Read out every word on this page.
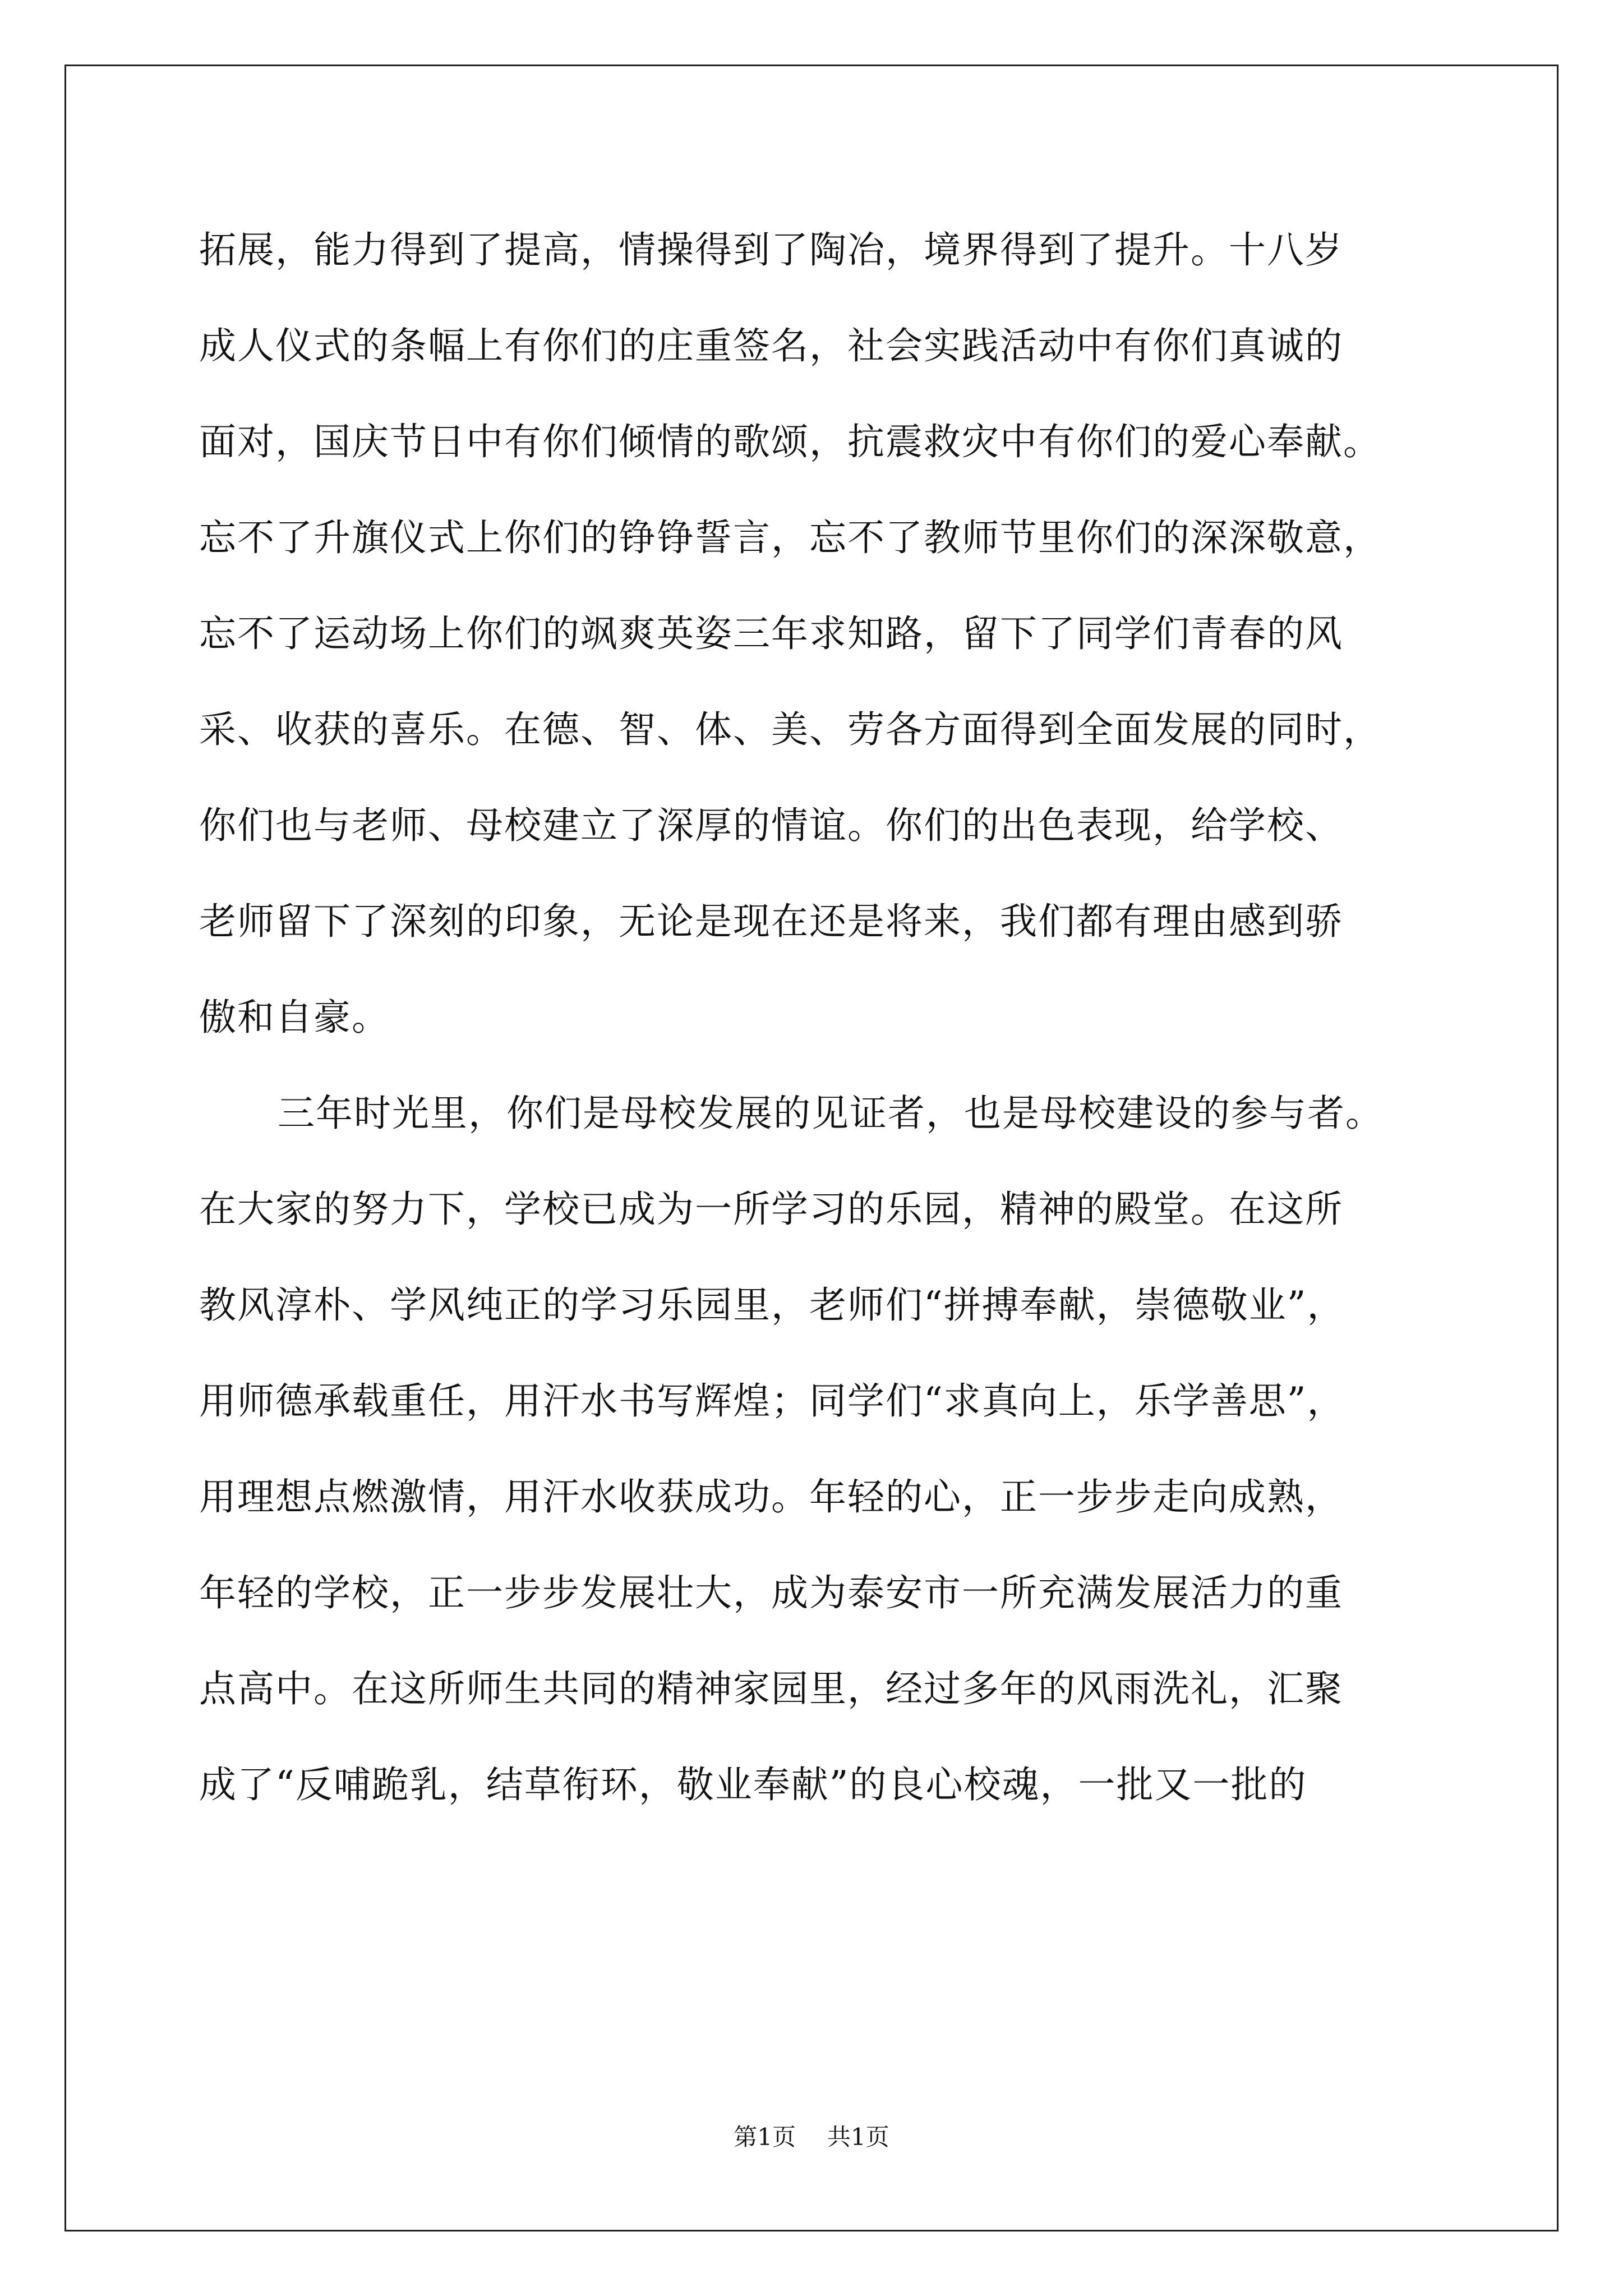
拓展，能力得到了提高，情操得到了陶冶，境界得到了提升。十八岁
成人仪式的条幅上有你们的庄重签名，社会实践活动中有你们真诚的
面对，国庆节日中有你们倾情的歌颂，抗震救灾中有你们的爱心奉献。
忘不了升旗仪式上你们的铮铮誓言，忘不了教师节里你们的深深敬意，
忘不了运动场上你们的飒爽英姿三年求知路，留下了同学们青春的风
采、收获的喜乐。在德、智、体、美、劳各方面得到全面发展的同时，
你们也与老师、母校建立了深厚的情谊。你们的出色表现，给学校、
老师留下了深刻的印象，无论是现在还是将来，我们都有理由感到骄
傲和自豪。
三年时光里，你们是母校发展的见证者，也是母校建设的参与者。
在大家的努力下，学校已成为一所学习的乐园，精神的殿堂。在这所
教风淳朴、学风纯正的学习乐园里，老师们“拼搏奉献，崇德敬业”，
用师德承载重任，用汗水书写辉煌；同学们“求真向上，乐学善思”，
用理想点燃激情，用汗水收获成功。年轻的心，正一步步走向成熟，
年轻的学校，正一步步发展壮大，成为泰安市一所充满发展活力的重
点高中。在这所师生共同的精神家园里，经过多年的风雨洗礼，汇聚
成了“反哺跪乳，结草衔环，敬业奉献”的良心校魂，一批又一批的
第1页 共1页
